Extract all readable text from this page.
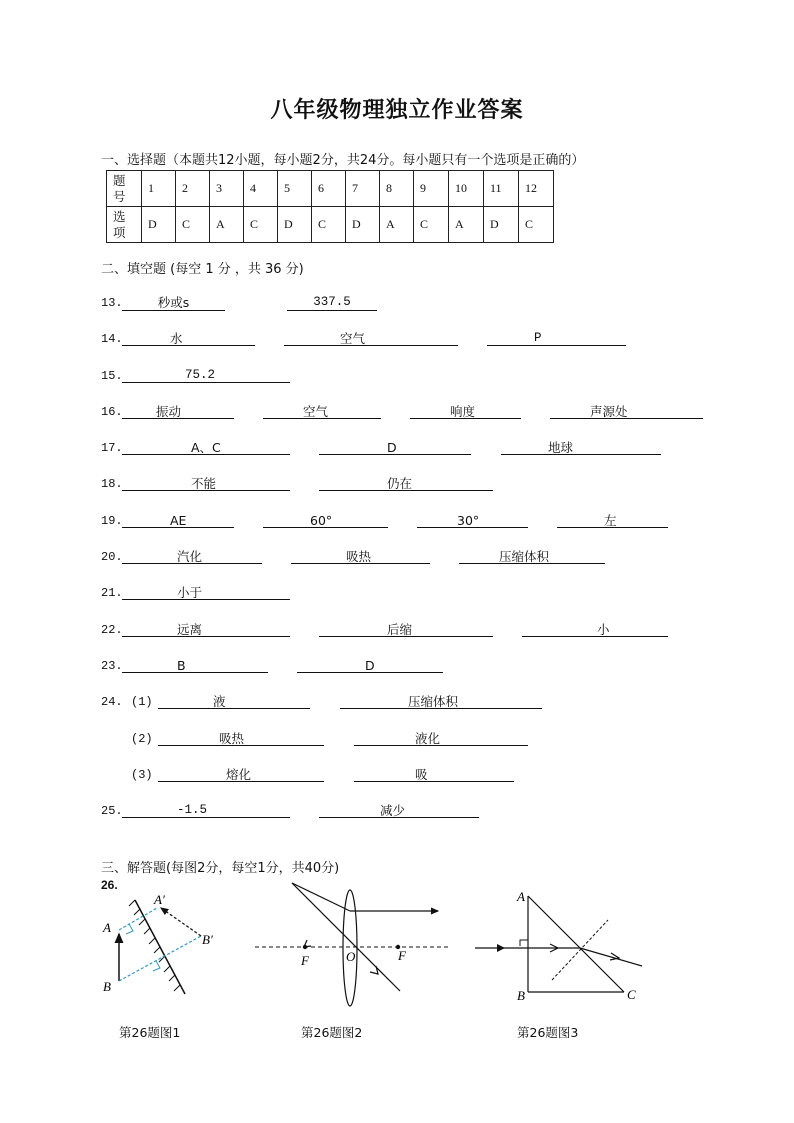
八年级物理独立作业答案
一、选择题（本题共12小题，每小题2分，共24分。每小题只有一个选项是正确的）
题号	1	2	3	4	5	6	7	8	9	10	11	12

选项	D	C	A	C	D	C	D	A	C	A	D	C
二、填空题 (每空 1 分 ，共 36 分)
13.	秒或s	337.5
14.	水	空气	P
15.	75.2
16.	振动	空气	响度	声源处
17.	A、C	D	地球
18.	不能	仍在
19.	AE	60°	30°	左
20.	汽化	吸热	压缩体积
21.	小于
22.	远离	后缩	小
23.	B	D
24. (1)	液	压缩体积
(2)	吸热	液化
(3)	熔化	吸
25.	-1.5	减少
三、解答题(每图2分，每空1分，共40分)
26.
A
B
A′
B′
F	O	F
A
B	C
第26题图1	第26题图2	第26题图3
